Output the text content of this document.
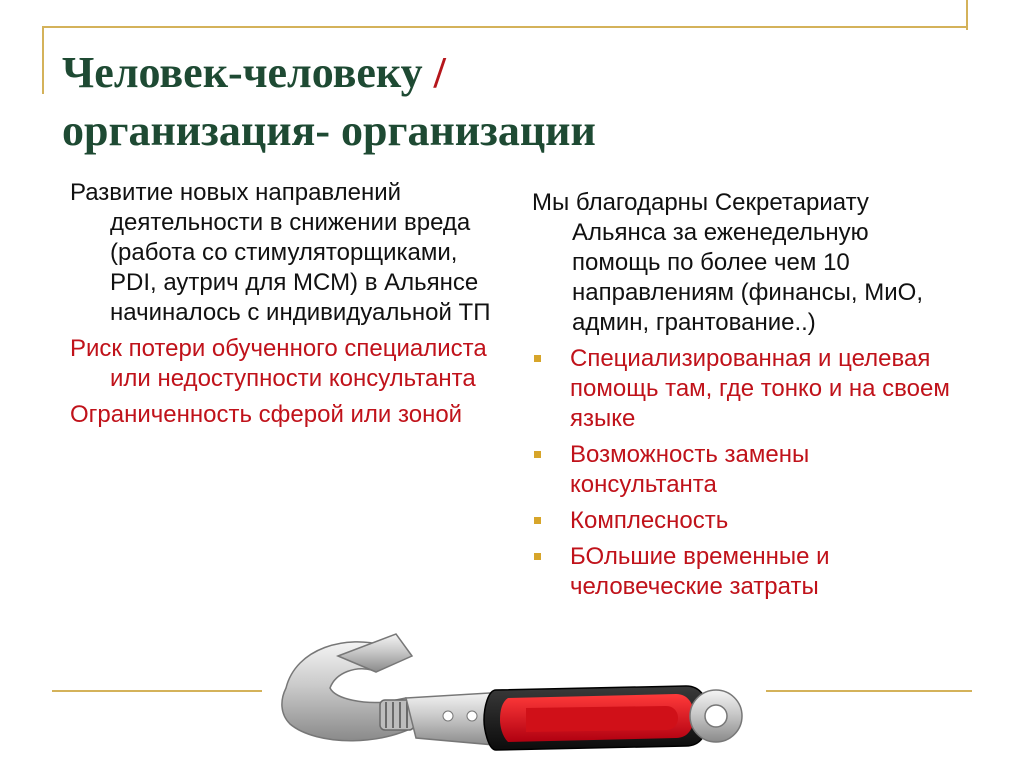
Человек-человеку /
организация- организации
Развитие новых направлений деятельности в снижении вреда (работа со стимуляторщиками, PDI, аутрич для МСМ) в Альянсе начиналось с индивидуальной ТП
Риск потери обученного специалиста или недоступности консультанта
Ограниченность сферой или зоной
Мы благодарны Секретариату Альянса за еженедельную помощь по более чем 10 направлениям (финансы, МиО, админ, грантование..)
Специализированная и целевая помощь там, где тонко и на своем языке
Возможность замены консультанта
Комплесность
БОльшие временные и человеческие затраты
